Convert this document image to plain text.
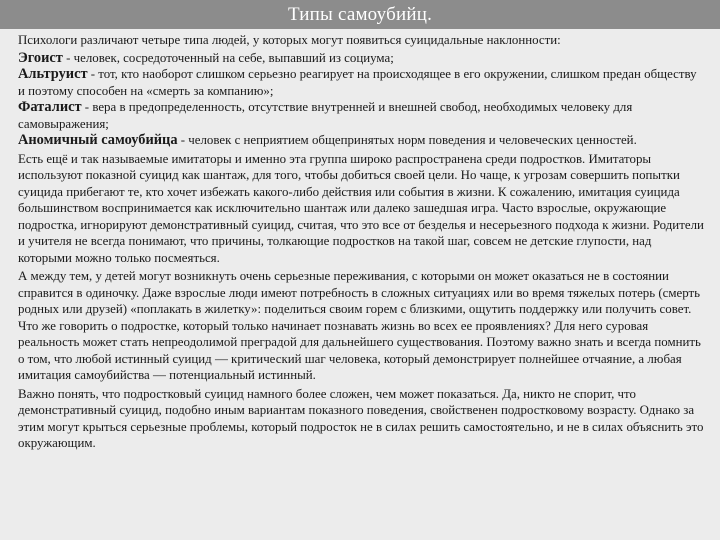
Типы самоубийц.

Психологи различают четыре типа людей, у которых могут появиться суицидальные наклонности:

Эгоист - человек, сосредоточенный на себе, выпавший из социума;

Альтруист - тот, кто наоборот слишком серьезно реагирует на происходящее в его окружении, слишком предан обществу и поэтому способен на «смерть за компанию»;

Фаталист - вера в предопределенность, отсутствие внутренней и внешней свобод, необходимых человеку для самовыражения;

Аномичный самоубийца - человек с неприятием общепринятых норм поведения и человеческих ценностей.

Есть ещё и так называемые имитаторы и именно эта группа широко распространена среди подростков. Имитаторы используют показной суицид как шантаж, для того, чтобы добиться своей цели. Но чаще, к угрозам совершить попытки суицида прибегают те, кто хочет избежать какого-либо действия или события в жизни. К сожалению, имитация суицида большинством воспринимается как исключительно шантаж или далеко зашедшая игра. Часто взрослые, окружающие подростка, игнорируют демонстративный суицид, считая, что это все от безделья и несерьезного подхода к жизни. Родители и учителя не всегда понимают, что причины, толкающие подростков на такой шаг, совсем не детские глупости, над которыми можно только посмеяться.

А между тем, у детей могут возникнуть очень серьезные переживания, с которыми он может оказаться не в состоянии справится в одиночку. Даже взрослые люди имеют потребность в сложных ситуациях или во время тяжелых потерь (смерть родных или друзей) «поплакать в жилетку»: поделиться своим горем с близкими, ощутить поддержку или получить совет. Что же говорить о подростке, который только начинает познавать жизнь во всех ее проявлениях? Для него суровая реальность может стать непреодолимой преградой для дальнейшего существования. Поэтому важно знать и всегда помнить о том, что любой истинный суицид — критический шаг человека, который демонстрирует полнейшее отчаяние, а любая имитация самоубийства — потенциальный истинный.

Важно понять, что подростковый суицид намного более сложен, чем может показаться. Да, никто не спорит, что демонстративный суицид, подобно иным вариантам показного поведения, свойственен подростковому возрасту. Однако за этим могут крыться серьезные проблемы, который подросток не в силах решить самостоятельно, и не в силах объяснить это окружающим.
